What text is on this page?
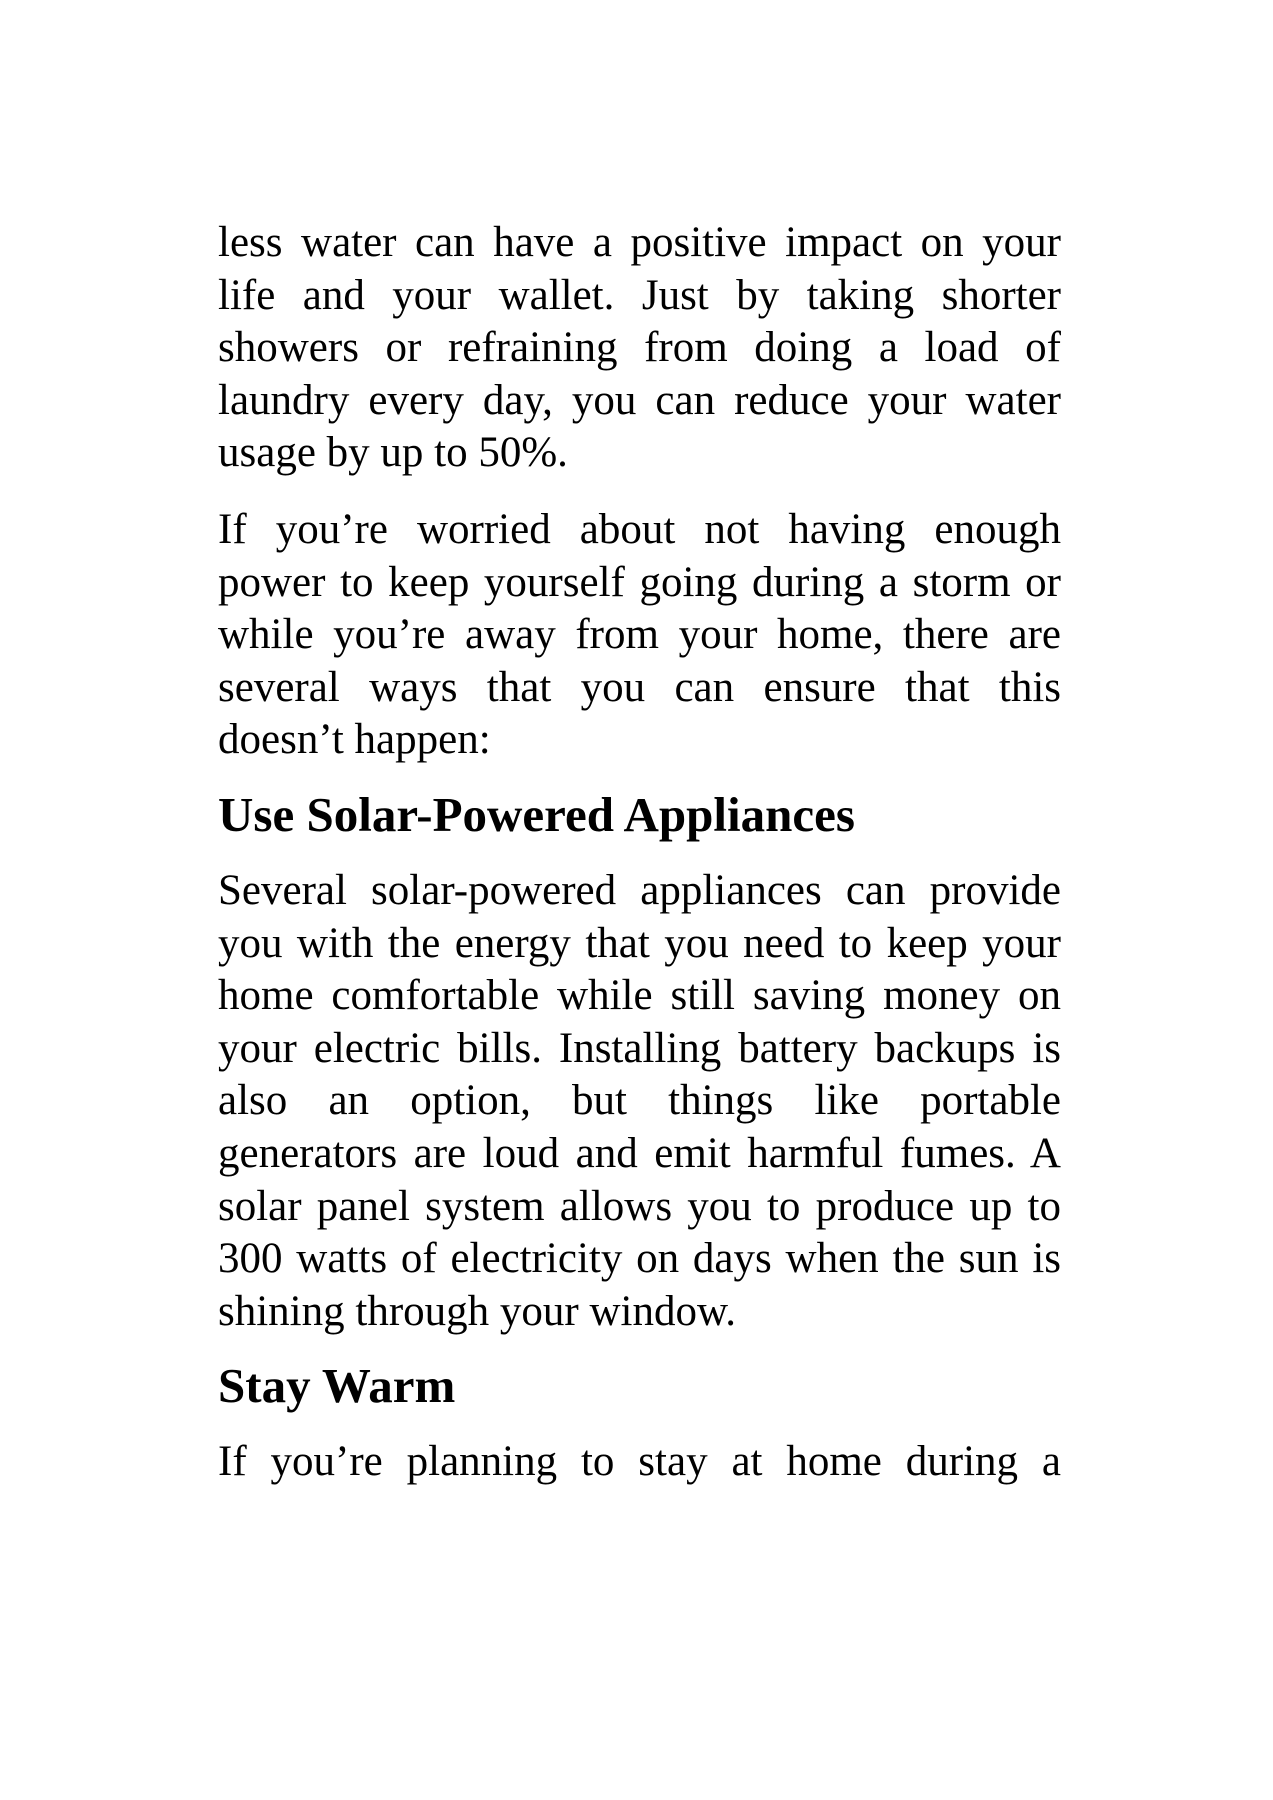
less water can have a positive impact on your life and your wallet. Just by taking shorter showers or refraining from doing a load of laundry every day, you can reduce your water usage by up to 50%.

If you’re worried about not having enough power to keep yourself going during a storm or while you’re away from your home, there are several ways that you can ensure that this doesn’t happen:

Use Solar-Powered Appliances

Several solar-powered appliances can provide you with the energy that you need to keep your home comfortable while still saving money on your electric bills. Installing battery backups is also an option, but things like portable generators are loud and emit harmful fumes. A solar panel system allows you to produce up to 300 watts of electricity on days when the sun is shining through your window.

Stay Warm

If you’re planning to stay at home during a
